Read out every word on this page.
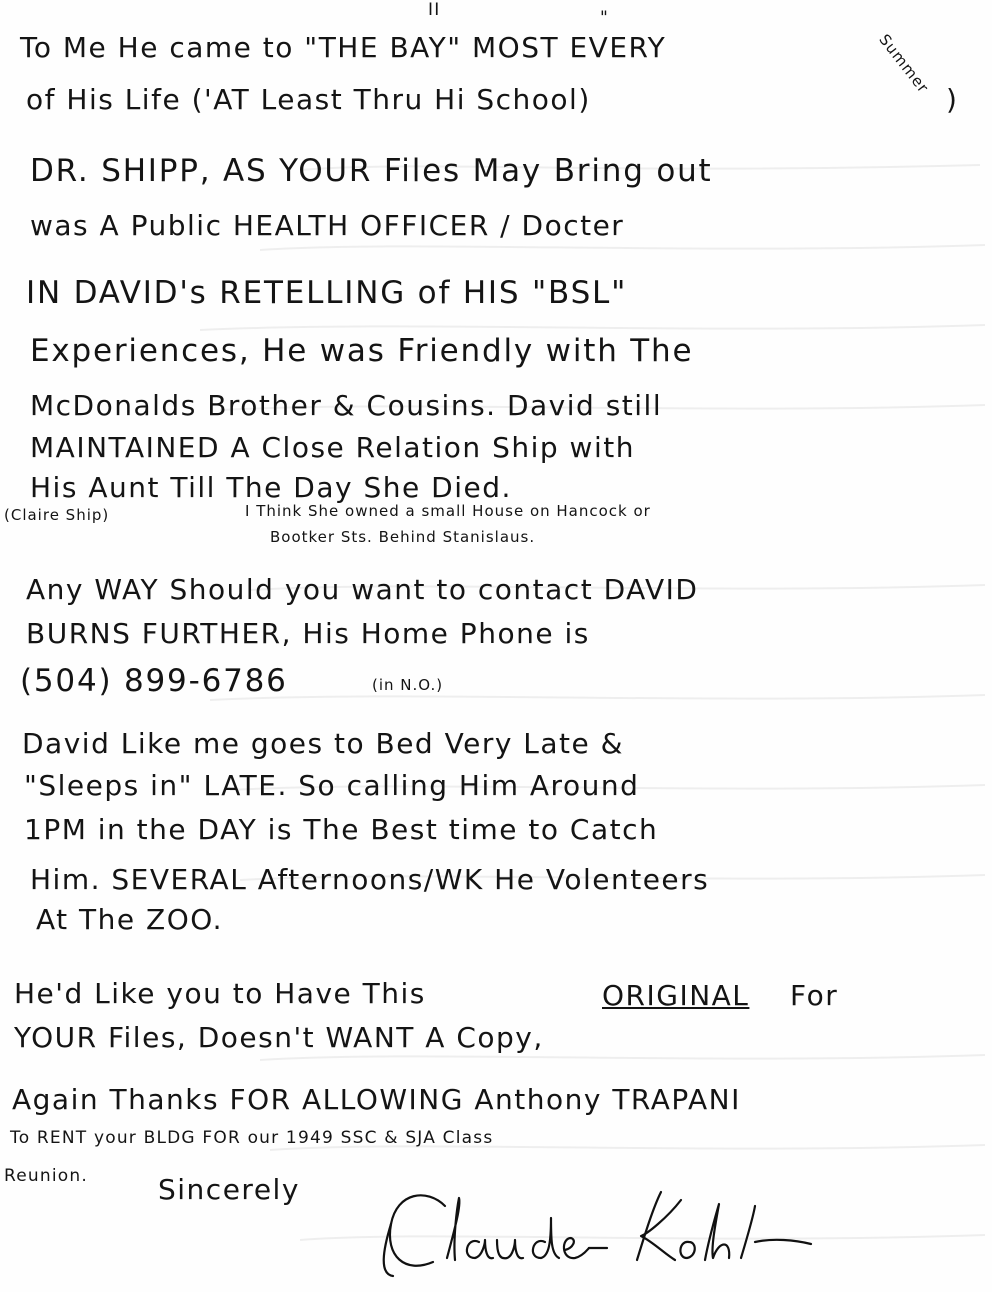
II	"
Summer
To Me He came to "THE BAY" MOST EVERY
of His Life ('AT Least Thru Hi School)	)
DR. SHIPP, AS YOUR Files May Bring out
was A Public HEALTH OFFICER / Docter
IN DAVID's RETELLING of HIS "BSL"
Experiences, He was Friendly with The
McDonalds Brother & Cousins. David still
MAINTAINED A Close Relation Ship with
His Aunt Till The Day She Died.
(Claire Ship)	I Think She owned a small House on Hancock or
Bootker Sts. Behind Stanislaus.
Any WAY Should you want to contact DAVID
BURNS FURTHER, His Home Phone is
(504) 899-6786	(in N.O.)
David Like me goes to Bed Very Late &
"Sleeps in" LATE. So calling Him Around
1PM in the DAY is The Best time to Catch
Him. SEVERAL Afternoons/WK He Volenteers
At The ZOO.
He'd Like you to Have This	ORIGINAL For
YOUR Files, Doesn't WANT A Copy,
Again Thanks FOR ALLOWING Anthony TRAPANI
To RENT your BLDG FOR our 1949 SSC & SJA Class
Reunion.	Sincerely
